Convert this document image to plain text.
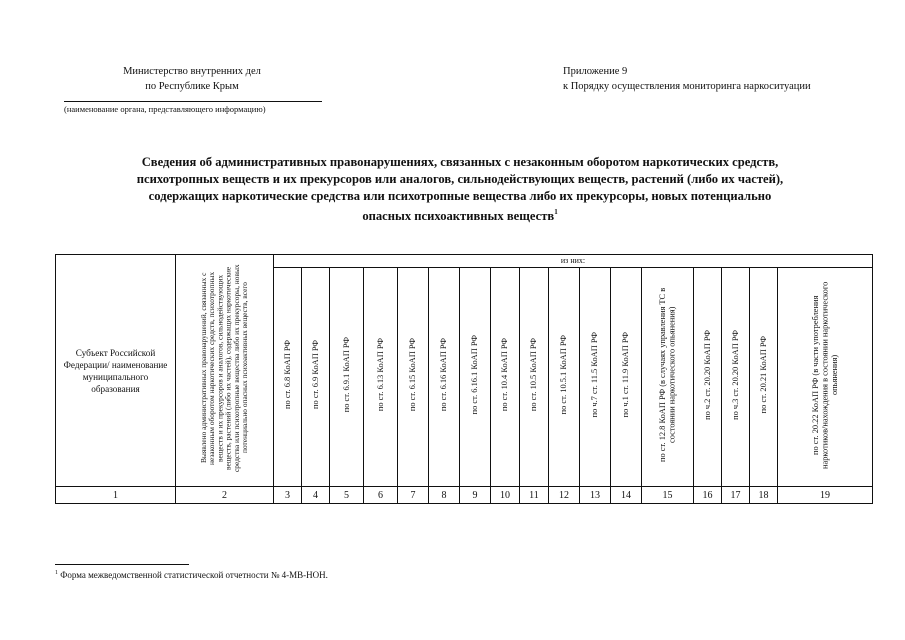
Министерство внутренних дел
по Республике Крым
(наименование органа, представляющего информацию)
Приложение 9
к Порядку осуществления мониторинга наркоситуации
Сведения об административных правонарушениях, связанных с незаконным оборотом наркотических средств,
психотропных веществ и их прекурсоров или аналогов, сильнодействующих веществ, растений (либо их частей),
содержащих наркотические средства или психотропные вещества либо их прекурсоры, новых потенциально
опасных психоактивных веществ$^1$
Субъект Российской Федерации/ наименование муниципального образования	Выявлено административных правонарушений, связанных с незаконным оборотом наркотических средств, психотропных веществ и их прекурсоров и аналогов, сильнодействующих веществ, растений (либо их частей), содержащих наркотические средства или психотропные вещества либо их прекурсоры, новых потенциально опасных психоактивных веществ, всего	из них:																
		по ст. 6.8 КоАП РФ	по ст. 6.9 КоАП РФ	по ст. 6.9.1 КоАП РФ	по ст. 6.13 КоАП РФ	по ст. 6.15 КоАП РФ	по ст. 6.16 КоАП РФ	по ст. 6.16.1 КоАП РФ	по ст. 10.4 КоАП РФ	по ст. 10.5 КоАП РФ	по ст. 10.5.1 КоАП РФ	по ч.7 ст. 11.5 КоАП РФ	по ч.1 ст. 11.9 КоАП РФ	по ст. 12.8 КоАП РФ (в случаях управления ТС в состоянии наркотического опьянения)	по ч.2 ст. 20.20 КоАП РФ	по ч.3 ст. 20.20 КоАП РФ	по ст. 20.21 КоАП РФ	по ст. 20.22 КоАП РФ (в части употребления наркотиков/нахождения в состоянии наркотического опьянения)
1	2	3	4	5	6	7	8	9	10	11	12	13	14	15	16	17	18	19
$^1$ Форма межведомственной статистической отчетности № 4-МВ-НОН.
